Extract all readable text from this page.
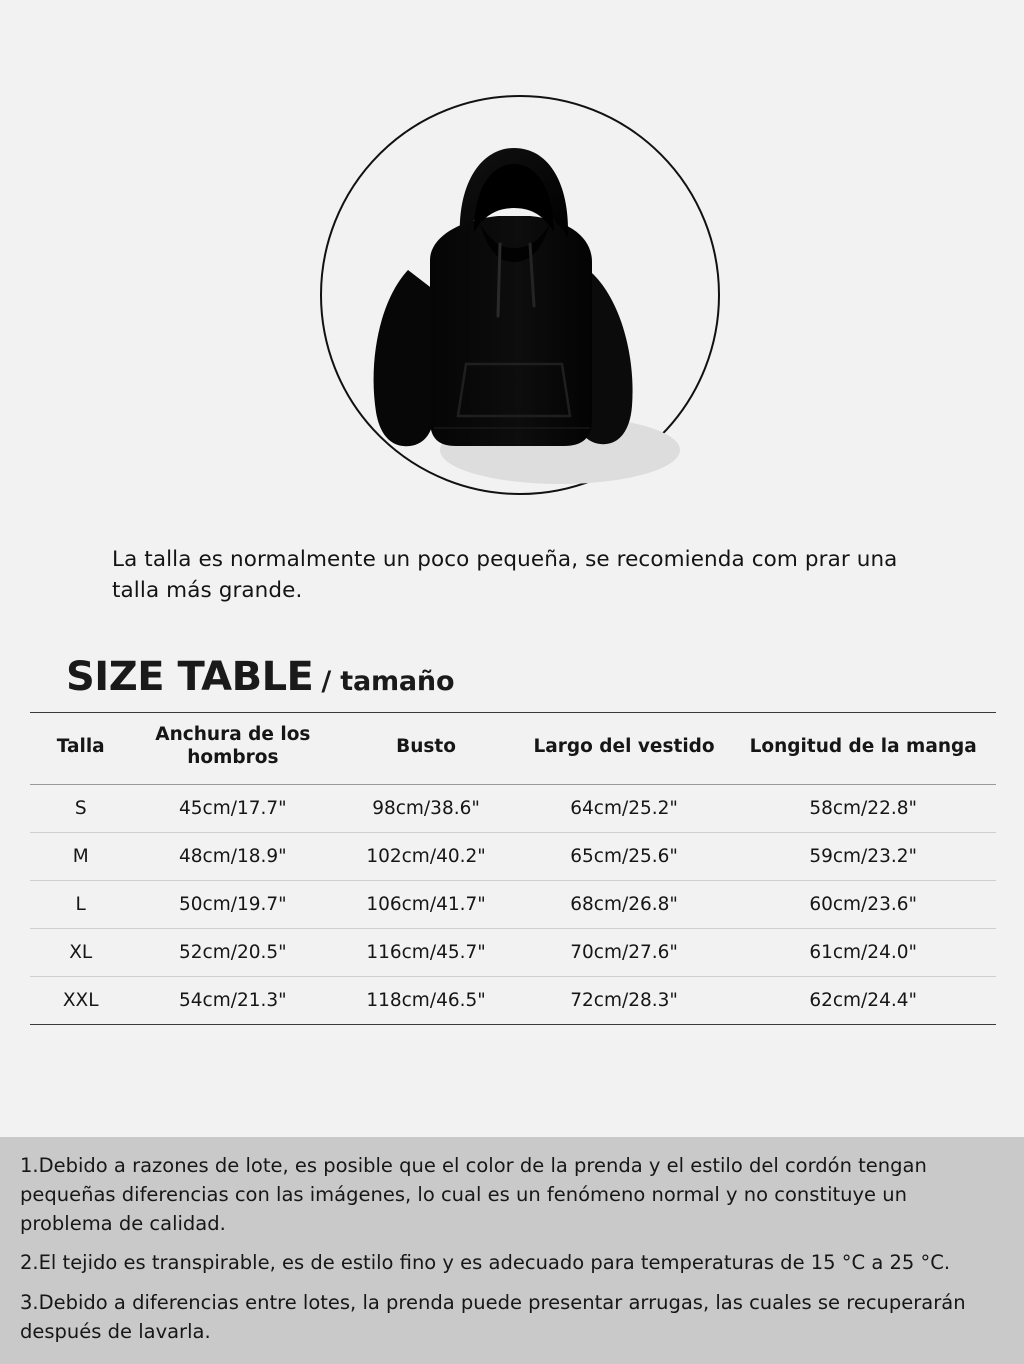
La talla es normalmente un poco pequeña, se recomienda com prar una talla más grande.

SIZE TABLE / tamaño
Talla	Anchura de los hombros	Busto	Largo del vestido	Longitud de la manga
S	45cm/17.7"	98cm/38.6"	64cm/25.2"	58cm/22.8"
M	48cm/18.9"	102cm/40.2"	65cm/25.6"	59cm/23.2"
L	50cm/19.7"	106cm/41.7"	68cm/26.8"	60cm/23.6"
XL	52cm/20.5"	116cm/45.7"	70cm/27.6"	61cm/24.0"
XXL	54cm/21.3"	118cm/46.5"	72cm/28.3"	62cm/24.4"

1.Debido a razones de lote, es posible que el color de la prenda y el estilo del cordón tengan pequeñas diferencias con las imágenes, lo cual es un fenómeno normal y no constituye un problema de calidad.

2.El tejido es transpirable, es de estilo fino y es adecuado para temperaturas de 15 °C a 25 °C.

3.Debido a diferencias entre lotes, la prenda puede presentar arrugas, las cuales se recuperarán después de lavarla.
